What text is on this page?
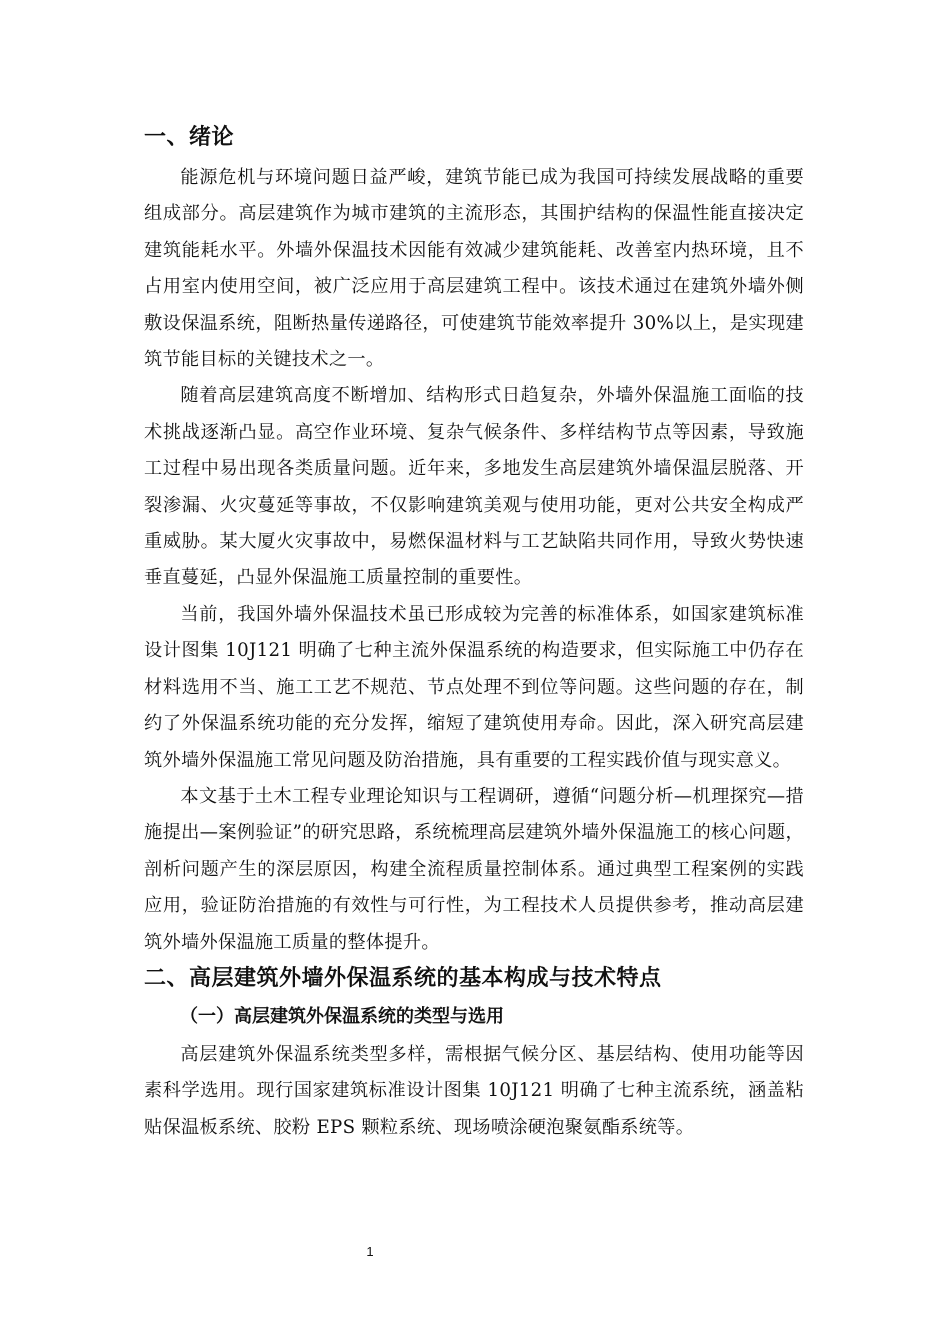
一、绪论

能源危机与环境问题日益严峻，建筑节能已成为我国可持续发展战略的重要组成部分。高层建筑作为城市建筑的主流形态，其围护结构的保温性能直接决定建筑能耗水平。外墙外保温技术因能有效减少建筑能耗、改善室内热环境，且不占用室内使用空间，被广泛应用于高层建筑工程中。该技术通过在建筑外墙外侧敷设保温系统，阻断热量传递路径，可使建筑节能效率提升 30%以上，是实现建筑节能目标的关键技术之一。

随着高层建筑高度不断增加、结构形式日趋复杂，外墙外保温施工面临的技术挑战逐渐凸显。高空作业环境、复杂气候条件、多样结构节点等因素，导致施工过程中易出现各类质量问题。近年来，多地发生高层建筑外墙保温层脱落、开裂渗漏、火灾蔓延等事故，不仅影响建筑美观与使用功能，更对公共安全构成严重威胁。某大厦火灾事故中，易燃保温材料与工艺缺陷共同作用，导致火势快速垂直蔓延，凸显外保温施工质量控制的重要性。

当前，我国外墙外保温技术虽已形成较为完善的标准体系，如国家建筑标准设计图集 10J121 明确了七种主流外保温系统的构造要求，但实际施工中仍存在材料选用不当、施工工艺不规范、节点处理不到位等问题。这些问题的存在，制约了外保温系统功能的充分发挥，缩短了建筑使用寿命。因此，深入研究高层建筑外墙外保温施工常见问题及防治措施，具有重要的工程实践价值与现实意义。

本文基于土木工程专业理论知识与工程调研，遵循“问题分析—机理探究—措施提出—案例验证”的研究思路，系统梳理高层建筑外墙外保温施工的核心问题，剖析问题产生的深层原因，构建全流程质量控制体系。通过典型工程案例的实践应用，验证防治措施的有效性与可行性，为工程技术人员提供参考，推动高层建筑外墙外保温施工质量的整体提升。

二、高层建筑外墙外保温系统的基本构成与技术特点
（一）高层建筑外保温系统的类型与选用

高层建筑外保温系统类型多样，需根据气候分区、基层结构、使用功能等因素科学选用。现行国家建筑标准设计图集 10J121 明确了七种主流系统，涵盖粘贴保温板系统、胶粉 EPS 颗粒系统、现场喷涂硬泡聚氨酯系统等。

1
